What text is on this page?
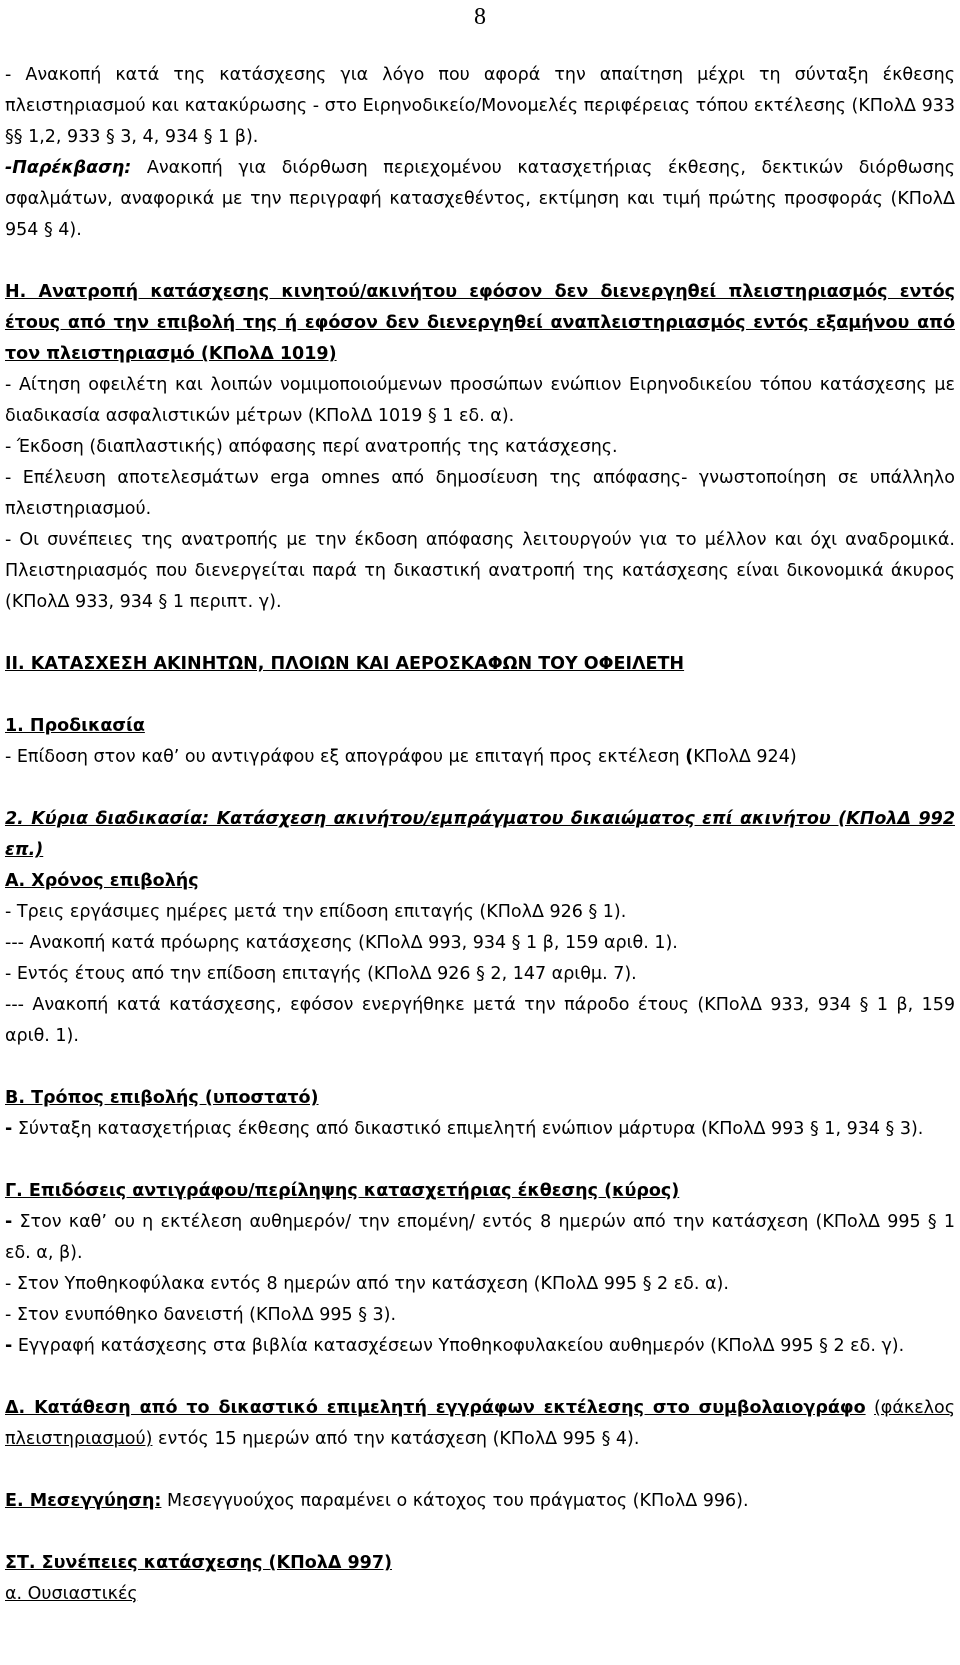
8

- Ανακοπή κατά της κατάσχεσης για λόγο που αφορά την απαίτηση μέχρι τη σύνταξη έκθεσης πλειστηριασμού και κατακύρωσης - στο Ειρηνοδικείο/Μονομελές περιφέρειας τόπου εκτέλεσης (ΚΠολΔ 933 §§ 1,2, 933 § 3, 4, 934 § 1 β).

-Παρέκβαση: Ανακοπή για διόρθωση περιεχομένου κατασχετήριας έκθεσης, δεκτικών διόρθωσης σφαλμάτων, αναφορικά με την περιγραφή κατασχεθέντος, εκτίμηση και τιμή πρώτης προσφοράς (ΚΠολΔ 954 § 4).

Η. Ανατροπή κατάσχεσης κινητού/ακινήτου εφόσον δεν διενεργηθεί πλειστηριασμός εντός έτους από την επιβολή της ή εφόσον δεν διενεργηθεί αναπλειστηριασμός εντός εξαμήνου από τον πλειστηριασμό (ΚΠολΔ 1019)

- Αίτηση οφειλέτη και λοιπών νομιμοποιούμενων προσώπων ενώπιον Ειρηνοδικείου τόπου κατάσχεσης με διαδικασία ασφαλιστικών μέτρων (ΚΠολΔ 1019 § 1 εδ. α).

- Έκδοση (διαπλαστικής) απόφασης περί ανατροπής της κατάσχεσης.

- Επέλευση αποτελεσμάτων erga omnes από δημοσίευση της απόφασης- γνωστοποίηση σε υπάλληλο πλειστηριασμού.

- Οι συνέπειες της ανατροπής με την έκδοση απόφασης λειτουργούν για το μέλλον και όχι αναδρομικά. Πλειστηριασμός που διενεργείται παρά τη δικαστική ανατροπή της κατάσχεσης είναι δικονομικά άκυρος (ΚΠολΔ 933, 934 § 1 περιπτ. γ).

ΙΙ. ΚΑΤΑΣΧΕΣΗ ΑΚΙΝΗΤΩΝ, ΠΛΟΙΩΝ ΚΑΙ ΑΕΡΟΣΚΑΦΩΝ ΤΟΥ ΟΦΕΙΛΕΤΗ

1. Προδικασία

- Επίδοση στον καθ’ ου αντιγράφου εξ απογράφου με επιταγή προς εκτέλεση (ΚΠολΔ 924)

2. Κύρια διαδικασία: Κατάσχεση ακινήτου/εμπράγματου δικαιώματος επί ακινήτου (ΚΠολΔ 992 επ.)

Α. Χρόνος επιβολής

- Τρεις εργάσιμες ημέρες μετά την επίδοση επιταγής (ΚΠολΔ 926 § 1).

--- Ανακοπή κατά πρόωρης κατάσχεσης (ΚΠολΔ 993, 934 § 1 β, 159 αριθ. 1).

- Εντός έτους από την επίδοση επιταγής (ΚΠολΔ 926 § 2, 147 αριθμ. 7).

--- Ανακοπή κατά κατάσχεσης, εφόσον ενεργήθηκε μετά την πάροδο έτους (ΚΠολΔ 933, 934 § 1 β, 159 αριθ. 1).

Β. Τρόπος επιβολής (υποστατό)

- Σύνταξη κατασχετήριας έκθεσης από δικαστικό επιμελητή ενώπιον μάρτυρα (ΚΠολΔ 993 § 1, 934 § 3).

Γ. Επιδόσεις αντιγράφου/περίληψης κατασχετήριας έκθεσης (κύρος)

- Στον καθ’ ου η εκτέλεση αυθημερόν/ την επομένη/ εντός 8 ημερών από την κατάσχεση (ΚΠολΔ 995 § 1 εδ. α, β).

- Στον Υποθηκοφύλακα εντός 8 ημερών από την κατάσχεση (ΚΠολΔ 995 § 2 εδ. α).

- Στον ενυπόθηκο δανειστή (ΚΠολΔ 995 § 3).

- Εγγραφή κατάσχεσης στα βιβλία κατασχέσεων Υποθηκοφυλακείου αυθημερόν (ΚΠολΔ 995 § 2 εδ. γ).

Δ. Κατάθεση από το δικαστικό επιμελητή εγγράφων εκτέλεσης στο συμβολαιογράφο (φάκελος πλειστηριασμού) εντός 15 ημερών από την κατάσχεση (ΚΠολΔ 995 § 4).

Ε. Μεσεγγύηση: Μεσεγγυούχος παραμένει ο κάτοχος του πράγματος (ΚΠολΔ 996).

ΣΤ. Συνέπειες κατάσχεσης (ΚΠολΔ 997)

α. Ουσιαστικές
